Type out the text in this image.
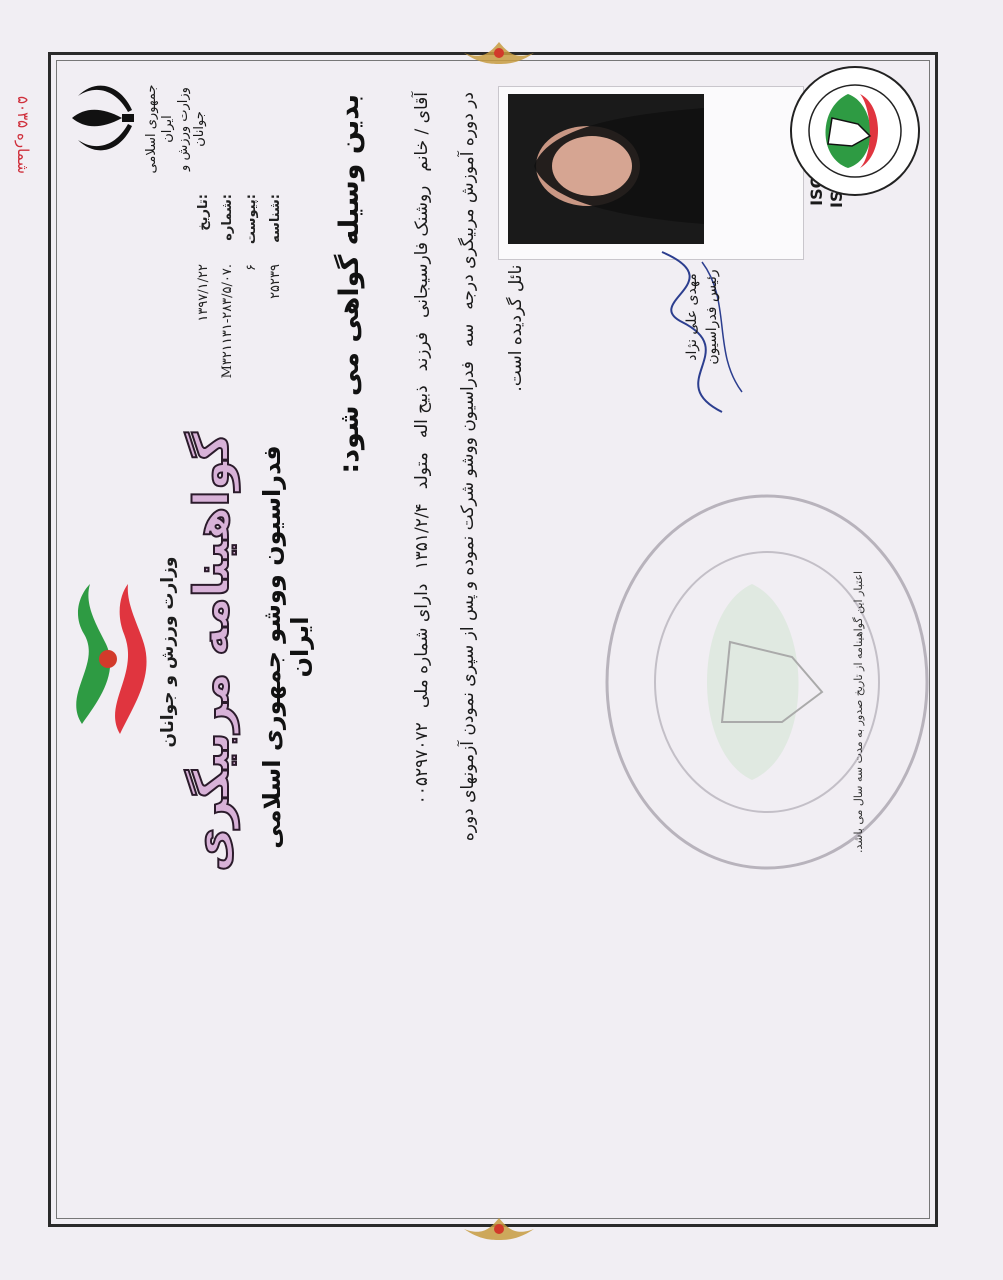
شماره ۵۰۳۵	جمهوری اسلامی ایران وزارت ورزش و جوانان
تاریخ:
۱۳۹۷/۱/۲۲
شماره:
M۳۲۱۱۳۱-۲۸۳/۵/۰۷.
پیوست:
۶
شناسه:
۲۵۲۳۹
وزارت ورزش و جوانان گواهینامه مربیگری فدراسیون ووشو جمهوری اسلامی ایران
بدین وسیله گواهی می شود:	آقای / خانمروشنک فارسیجانیفرزندذبیح الهمتولد۱۳۵۱/۲/۴دارای شماره ملی۰۰۵۲۹۷۰۷۲
در دوره آموزش مربیگری درجهسهفدراسیون ووشو شرکت نموده و پس از سپری نمودن آزمونهای دوره
نائل گردیده است.
مهدی علی نژاد رئیس فدراسیون
اعتبار این گواهینامه از تاریخ صدور به مدت سه سال می باشد.
